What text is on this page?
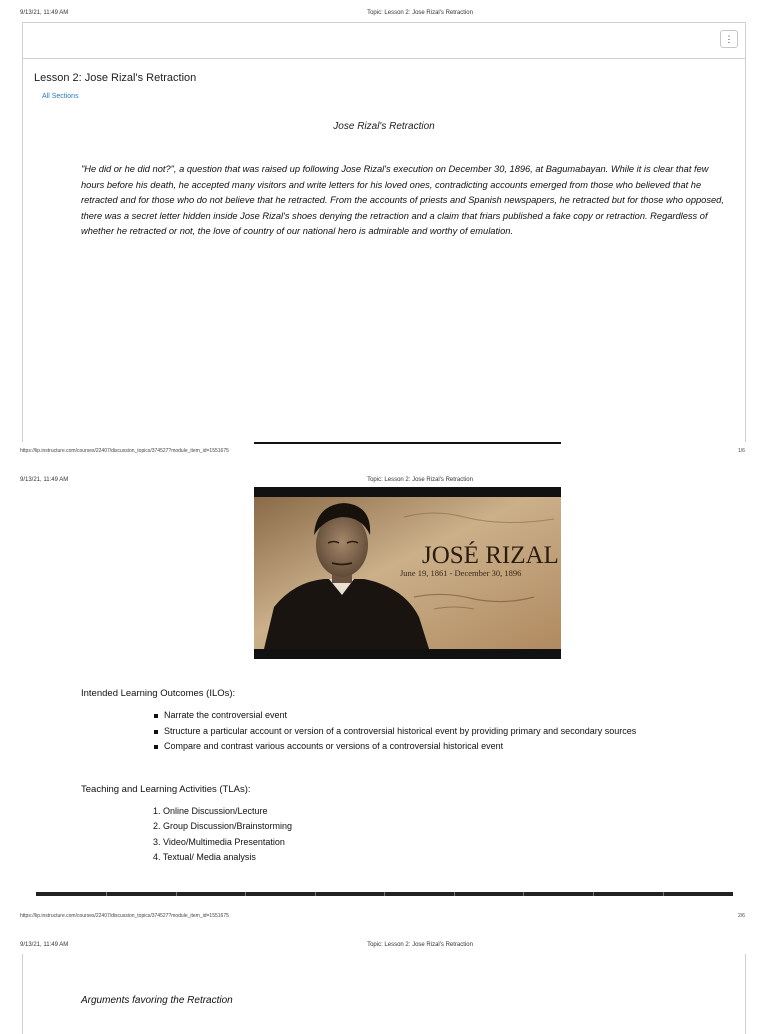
9/13/21, 11:49 AM	Topic: Lesson 2: Jose Rizal's Retraction
⋮
Lesson 2: Jose Rizal's Retraction
All Sections
Jose Rizal's Retraction
"He did or he did not?", a question that was raised up following Jose Rizal's execution on December 30, 1896, at Bagumabayan. While it is clear that few hours before his death, he accepted many visitors and write letters for his loved ones, contradicting accounts emerged from those who believed that he retracted and for those who do not believe that he retracted. From the accounts of priests and Spanish newspapers, he retracted but for those who opposed, there was a secret letter hidden inside Jose Rizal's shoes denying the retraction and a claim that friars published a fake copy or retraction. Regardless of whether he retracted or not, the love of country of our national hero is admirable and worthy of emulation.
https://lip.instructure.com/courses/22407/discussion_topics/374527?module_item_id=1551675	1/6
9/13/21, 11:49 AM	Topic: Lesson 2: Jose Rizal's Retraction
JOSÉ RIZAL
June 19, 1861 - December 30, 1896
Intended Learning Outcomes (ILOs):
Narrate the controversial event
Structure a particular account or version of a controversial historical event by providing primary and secondary sources
Compare and contrast various accounts or versions of a controversial historical event
Teaching and Learning Activities (TLAs):
1. Online Discussion/Lecture
2. Group Discussion/Brainstorming
3. Video/Multimedia Presentation
4. Textual/ Media analysis
https://lip.instructure.com/courses/22407/discussion_topics/374527?module_item_id=1551675	2/6
9/13/21, 11:49 AM	Topic: Lesson 2: Jose Rizal's Retraction
Arguments favoring the Retraction
